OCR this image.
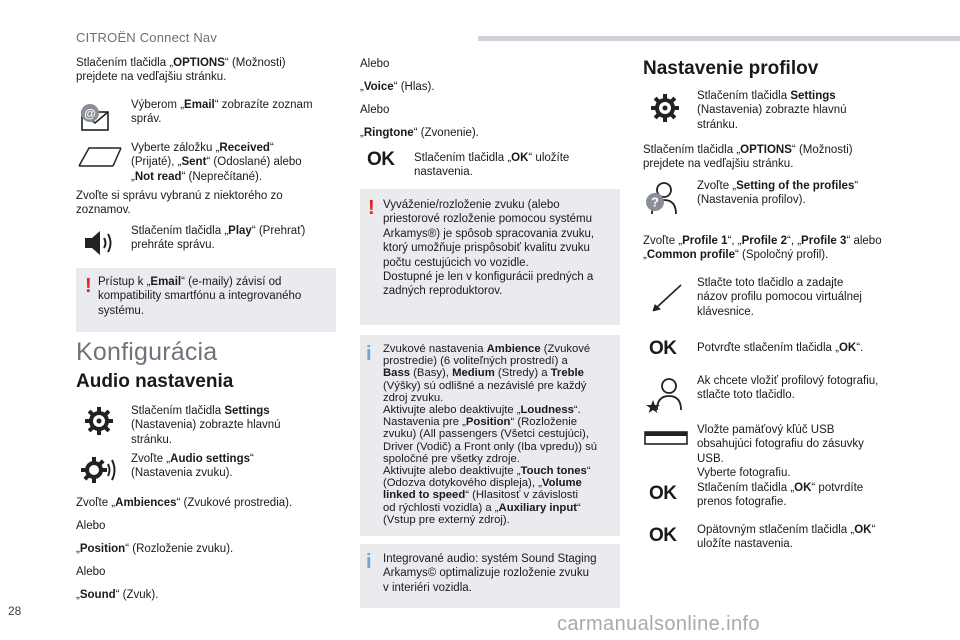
CITROËN Connect Nav
Stlačením tlačidla „OPTIONS“ (Možnosti)
prejdete na vedľajšiu stránku.
@
Výberom „Email“ zobrazíte zoznam
správ.
Vyberte záložku „Received“
(Prijaté), „Sent“ (Odoslané) alebo
„Not read“ (Neprečítané).
Zvoľte si správu vybranú z niektorého zo
zoznamov.
Stlačením tlačidla „Play“ (Prehrať)
prehráte správu.
! Prístup k „Email“ (e-maily) závisí od
kompatibility smartfónu a integrovaného
systému.
Konfigurácia
Audio nastavenia
Stlačením tlačidla Settings
(Nastavenia) zobrazte hlavnú
stránku.
Zvoľte „Audio settings“
(Nastavenia zvuku).
Zvoľte „Ambiences“ (Zvukové prostredia).
Alebo
„Position“ (Rozloženie zvuku).
Alebo
„Sound“ (Zvuk).
Alebo
„Voice“ (Hlas).
Alebo
„Ringtone“ (Zvonenie).
OK Stlačením tlačidla „OK“ uložíte
nastavenia.
! Vyváženie/rozloženie zvuku (alebo
priestorové rozloženie pomocou systému
Arkamys®) je spôsob spracovania zvuku,
ktorý umožňuje prispôsobiť kvalitu zvuku
počtu cestujúcich vo vozidle.
Dostupné je len v konfigurácii predných a
zadných reproduktorov.
i Zvukové nastavenia Ambience (Zvukové
prostredie) (6 voliteľných prostredí) a
Bass (Basy), Medium (Stredy) a Treble
(Výšky) sú odlišné a nezávislé pre každý
zdroj zvuku.
Aktivujte alebo deaktivujte „Loudness“.
Nastavenia pre „Position“ (Rozloženie
zvuku) (All passengers (Všetci cestujúci),
Driver (Vodič) a Front only (Iba vpredu)) sú
spoločné pre všetky zdroje.
Aktivujte alebo deaktivujte „Touch tones“
(Odozva dotykového displeja), „Volume
linked to speed“ (Hlasitosť v závislosti
od rýchlosti vozidla) a „Auxiliary input“
(Vstup pre externý zdroj).
i Integrované audio: systém Sound Staging
Arkamys© optimalizuje rozloženie zvuku
v interiéri vozidla.
Nastavenie profilov
Stlačením tlačidla Settings
(Nastavenia) zobrazte hlavnú
stránku.
Stlačením tlačidla „OPTIONS“ (Možnosti)
prejdete na vedľajšiu stránku.
?
Zvoľte „Setting of the profiles“
(Nastavenia profilov).
Zvoľte „Profile 1“, „Profile 2“, „Profile 3“ alebo
„Common profile“ (Spoločný profil).
Stlačte toto tlačidlo a zadajte
názov profilu pomocou virtuálnej
klávesnice.
OK Potvrďte stlačením tlačidla „OK“.
Ak chcete vložiť profilový fotografiu,
stlačte toto tlačidlo.
Vložte pamäťový kľúč USB
obsahujúci fotografiu do zásuvky
USB.
Vyberte fotografiu.
OK Stlačením tlačidla „OK“ potvrdíte
prenos fotografie.
OK Opätovným stlačením tlačidla „OK“
uložíte nastavenia.
28
carmanualsonline.info
